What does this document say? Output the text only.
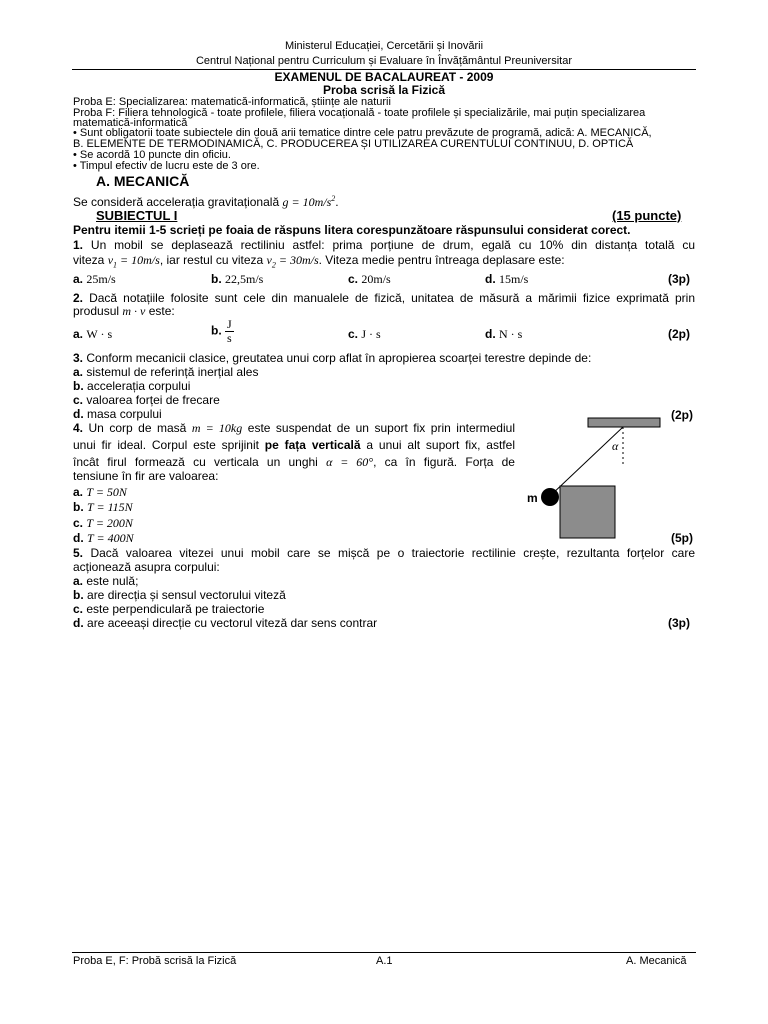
Ministerul Educației, Cercetării și Inovării
Centrul Național pentru Curriculum și Evaluare în Învățământul Preuniversitar
EXAMENUL DE BACALAUREAT - 2009
Proba scrisă la Fizică
Proba E: Specializarea: matematică-informatică, științe ale naturii
Proba F: Filiera tehnologică - toate profilele, filiera vocațională - toate profilele și specializările, mai puțin specializarea
matematică-informatică
• Sunt obligatorii toate subiectele din două arii tematice dintre cele patru prevăzute de programă, adică: A. MECANICĂ,
B. ELEMENTE DE TERMODINAMICĂ, C. PRODUCEREA ȘI UTILIZAREA CURENTULUI CONTINUU, D. OPTICĂ
• Se acordă 10 puncte din oficiu.
• Timpul efectiv de lucru este de 3 ore.
A. MECANICĂ
Se consideră accelerația gravitațională $g = 10m/s^2$.
SUBIECTUL I	(15 puncte)
Pentru itemii 1-5 scrieți pe foaia de răspuns litera corespunzătoare răspunsului considerat corect.
1. Un mobil se deplasează rectiliniu astfel: prima porțiune de drum, egală cu 10% din distanța totală cu
viteza $v_1 = 10m/s$, iar restul cu viteza $v_2 = 30m/s$. Viteza medie pentru întreaga deplasare este:
a. 25m/s	b. 22,5m/s	c. 20m/s	d. 15m/s	(3p)
2. Dacă notațiile folosite sunt cele din manualele de fizică, unitatea de măsură a mărimii fizice exprimată prin
produsul m · v este:
a. W · s	b. $\frac{J}{s}$	c. J · s	d. N · s	(2p)
3. Conform mecanicii clasice, greutatea unui corp aflat în apropierea scoarței terestre depinde de:
a. sistemul de referință inerțial ales
b. accelerația corpului
c. valoarea forței de frecare
d. masa corpului	(2p)
4. Un corp de masă m = 10kg este suspendat de un suport fix prin intermediul
unui fir ideal. Corpul este sprijinit pe fața verticală a unui alt suport fix, astfel
încât firul formează cu verticala un unghi α = 60°, ca în figură. Forța de
tensiune în fir are valoarea:
a. T = 50N
b. T = 115N
c. T = 200N
d. T = 400N	(5p)
α
m
5. Dacă valoarea vitezei unui mobil care se mișcă pe o traiectorie rectilinie crește, rezultanta forțelor care
acționează asupra corpului:
a. este nulă;
b. are direcția și sensul vectorului viteză
c. este perpendiculară pe traiectorie
d. are aceeași direcție cu vectorul viteză dar sens contrar	(3p)
Proba E, F: Probă scrisă la Fizică	A.1	A. Mecanică
